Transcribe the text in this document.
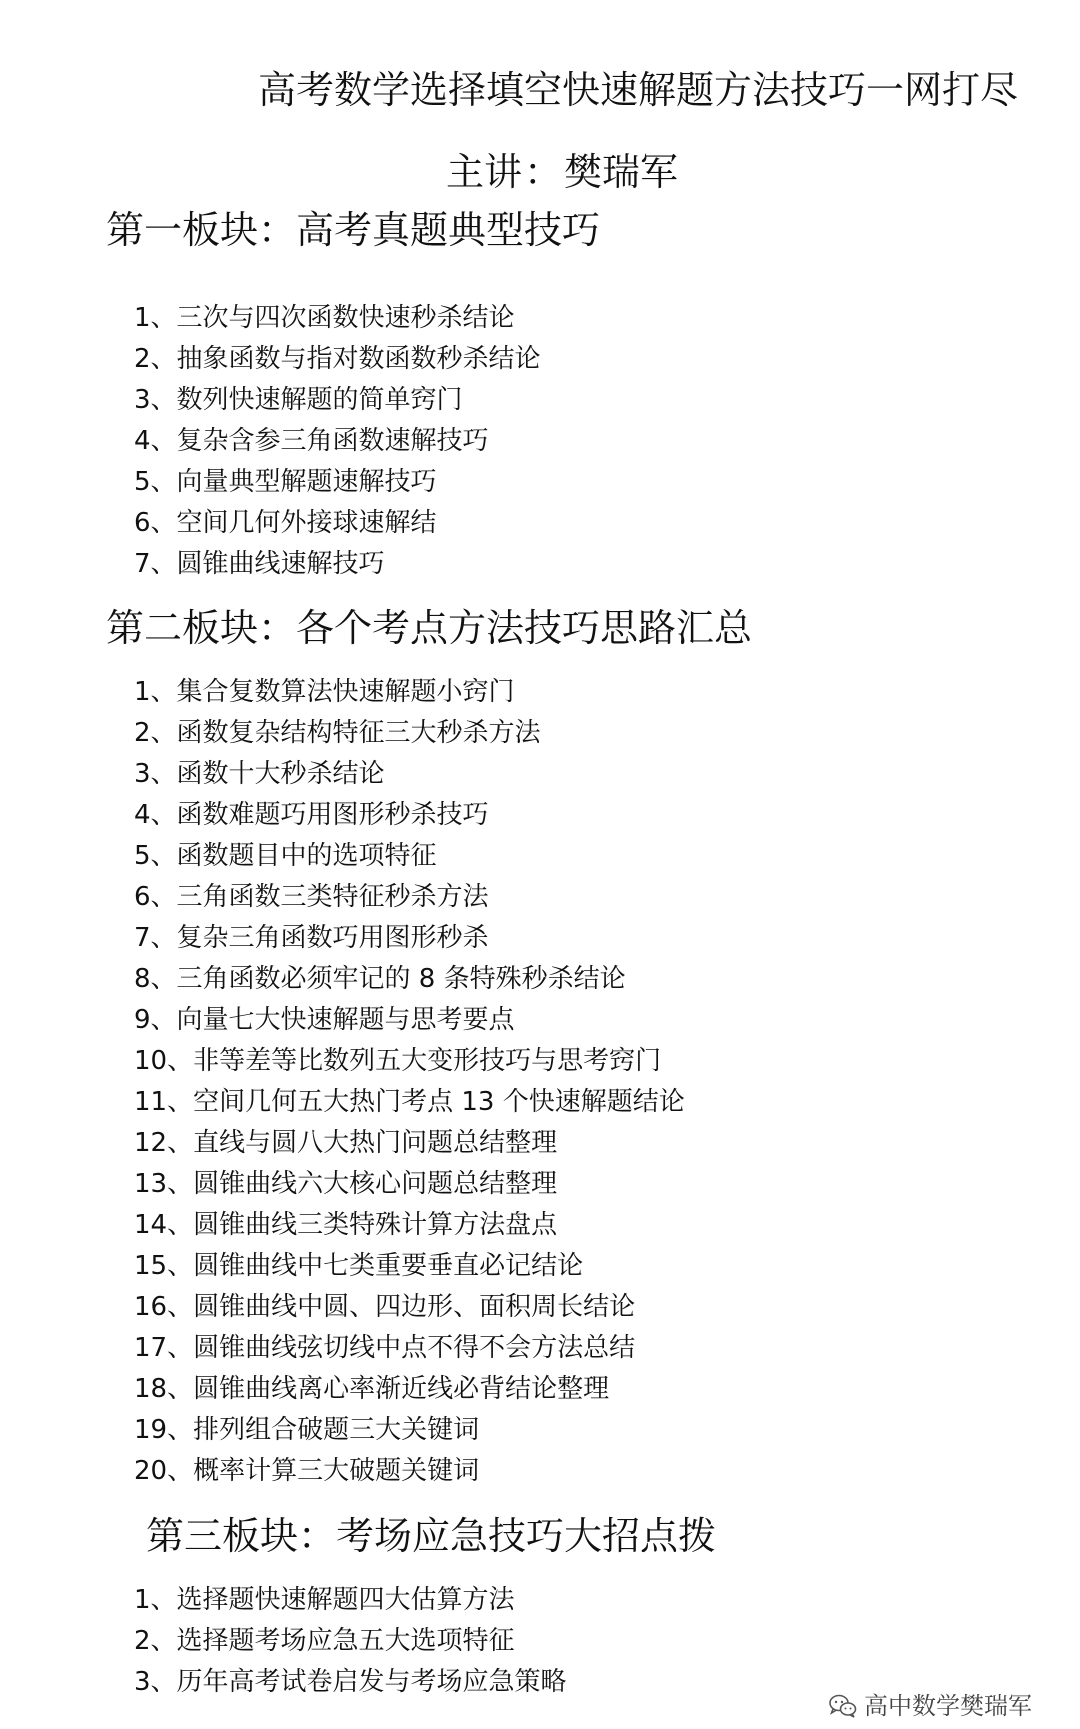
高考数学选择填空快速解题方法技巧一网打尽
主讲：樊瑞军
第一板块：高考真题典型技巧
1、三次与四次函数快速秒杀结论
2、抽象函数与指对数函数秒杀结论
3、数列快速解题的简单窍门
4、复杂含参三角函数速解技巧
5、向量典型解题速解技巧
6、空间几何外接球速解结
7、圆锥曲线速解技巧
第二板块：各个考点方法技巧思路汇总
1、集合复数算法快速解题小窍门
2、函数复杂结构特征三大秒杀方法
3、函数十大秒杀结论
4、函数难题巧用图形秒杀技巧
5、函数题目中的选项特征
6、三角函数三类特征秒杀方法
7、复杂三角函数巧用图形秒杀
8、三角函数必须牢记的 8 条特殊秒杀结论
9、向量七大快速解题与思考要点
10、非等差等比数列五大变形技巧与思考窍门
11、空间几何五大热门考点 13 个快速解题结论
12、直线与圆八大热门问题总结整理
13、圆锥曲线六大核心问题总结整理
14、圆锥曲线三类特殊计算方法盘点
15、圆锥曲线中七类重要垂直必记结论
16、圆锥曲线中圆、四边形、面积周长结论
17、圆锥曲线弦切线中点不得不会方法总结
18、圆锥曲线离心率渐近线必背结论整理
19、排列组合破题三大关键词
20、概率计算三大破题关键词
第三板块：考场应急技巧大招点拨
1、选择题快速解题四大估算方法
2、选择题考场应急五大选项特征
3、历年高考试卷启发与考场应急策略
高中数学樊瑞军
